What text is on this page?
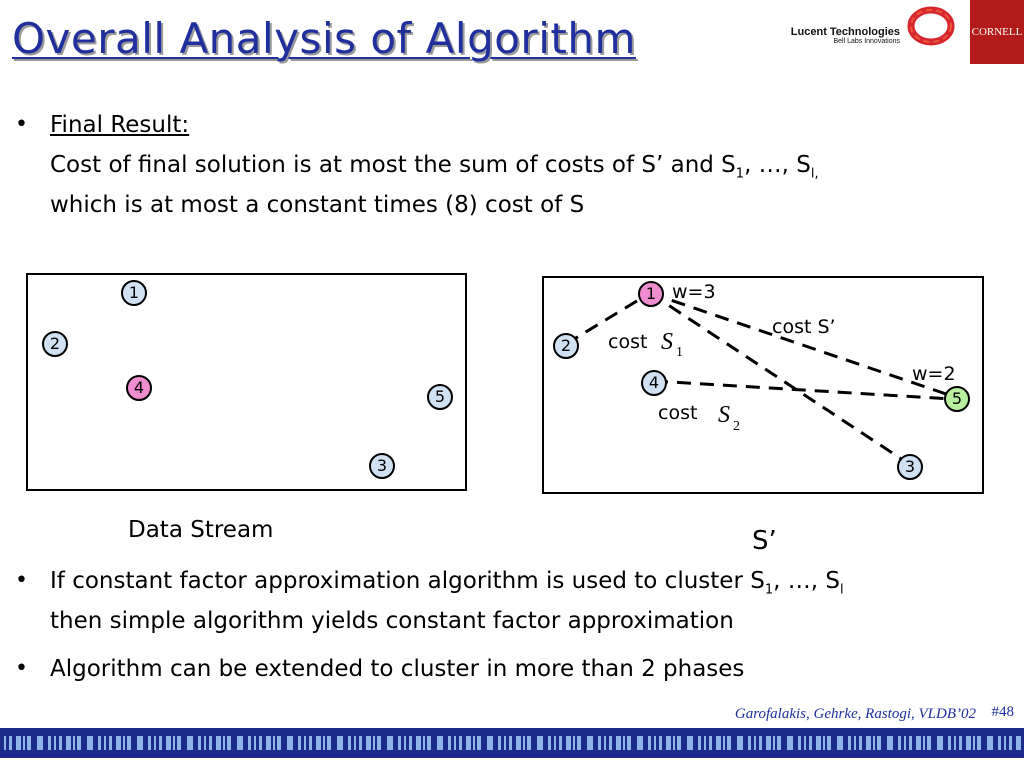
Overall Analysis of Algorithm	Lucent Technologies
Bell Labs Innovations
CORNELL
• Final Result:
Cost of final solution is at most the sum of costs of S’ and $S_1$, …, $S_{l,}$
which is at most a constant times (8) cost of S
1
2
4	5
3
Data Stream
w=3
w=2
cost S’
cost S 1
cost S 2
1
2
4
5
3
S’
• If constant factor approximation algorithm is used to cluster $S_1$, …, $S_l$
then simple algorithm yields constant factor approximation
• Algorithm can be extended to cluster in more than 2 phases
Garofalakis, Gehrke, Rastogi, VLDB’02 #48
